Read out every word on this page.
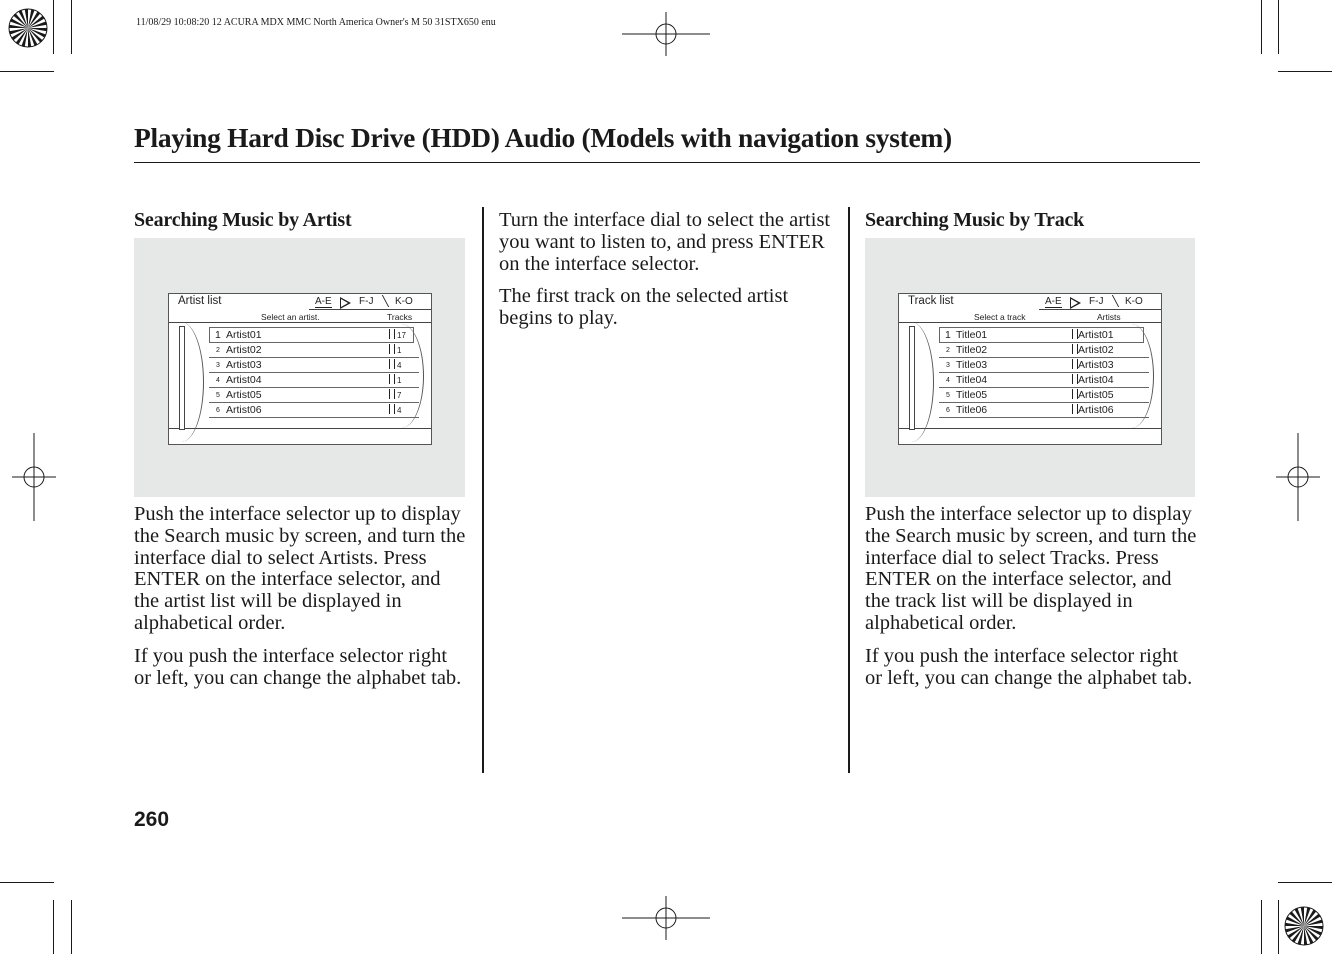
11/08/29 10:08:20 12 ACURA MDX MMC North America Owner's M 50 31STX650 enu
Playing Hard Disc Drive (HDD) Audio (Models with navigation system)
Searching Music by Artist
Artist list	A-E	F-J K-O
Select an artist.	Tracks
1 Artist01	17
2 Artist02	1
3 Artist03	4
4 Artist04	1
5 Artist05	7
6 Artist06	4

Push the interface selector up to display the Search music by screen, and turn the interface dial to select Artists. Press ENTER on the interface selector, and the artist list will be displayed in alphabetical order.

If you push the interface selector right or left, you can change the alphabet tab.

Turn the interface dial to select the artist you want to listen to, and press ENTER on the interface selector.

The first track on the selected artist begins to play.

Searching Music by Track
Track list	A-E	F-J K-O
Select a track	Artists
1 Title01	Artist01
2 Title02	Artist02
3 Title03	Artist03
4 Title04	Artist04
5 Title05	Artist05
6 Title06	Artist06

Push the interface selector up to display the Search music by screen, and turn the interface dial to select Tracks. Press ENTER on the interface selector, and the track list will be displayed in alphabetical order.

If you push the interface selector right or left, you can change the alphabet tab.

260
